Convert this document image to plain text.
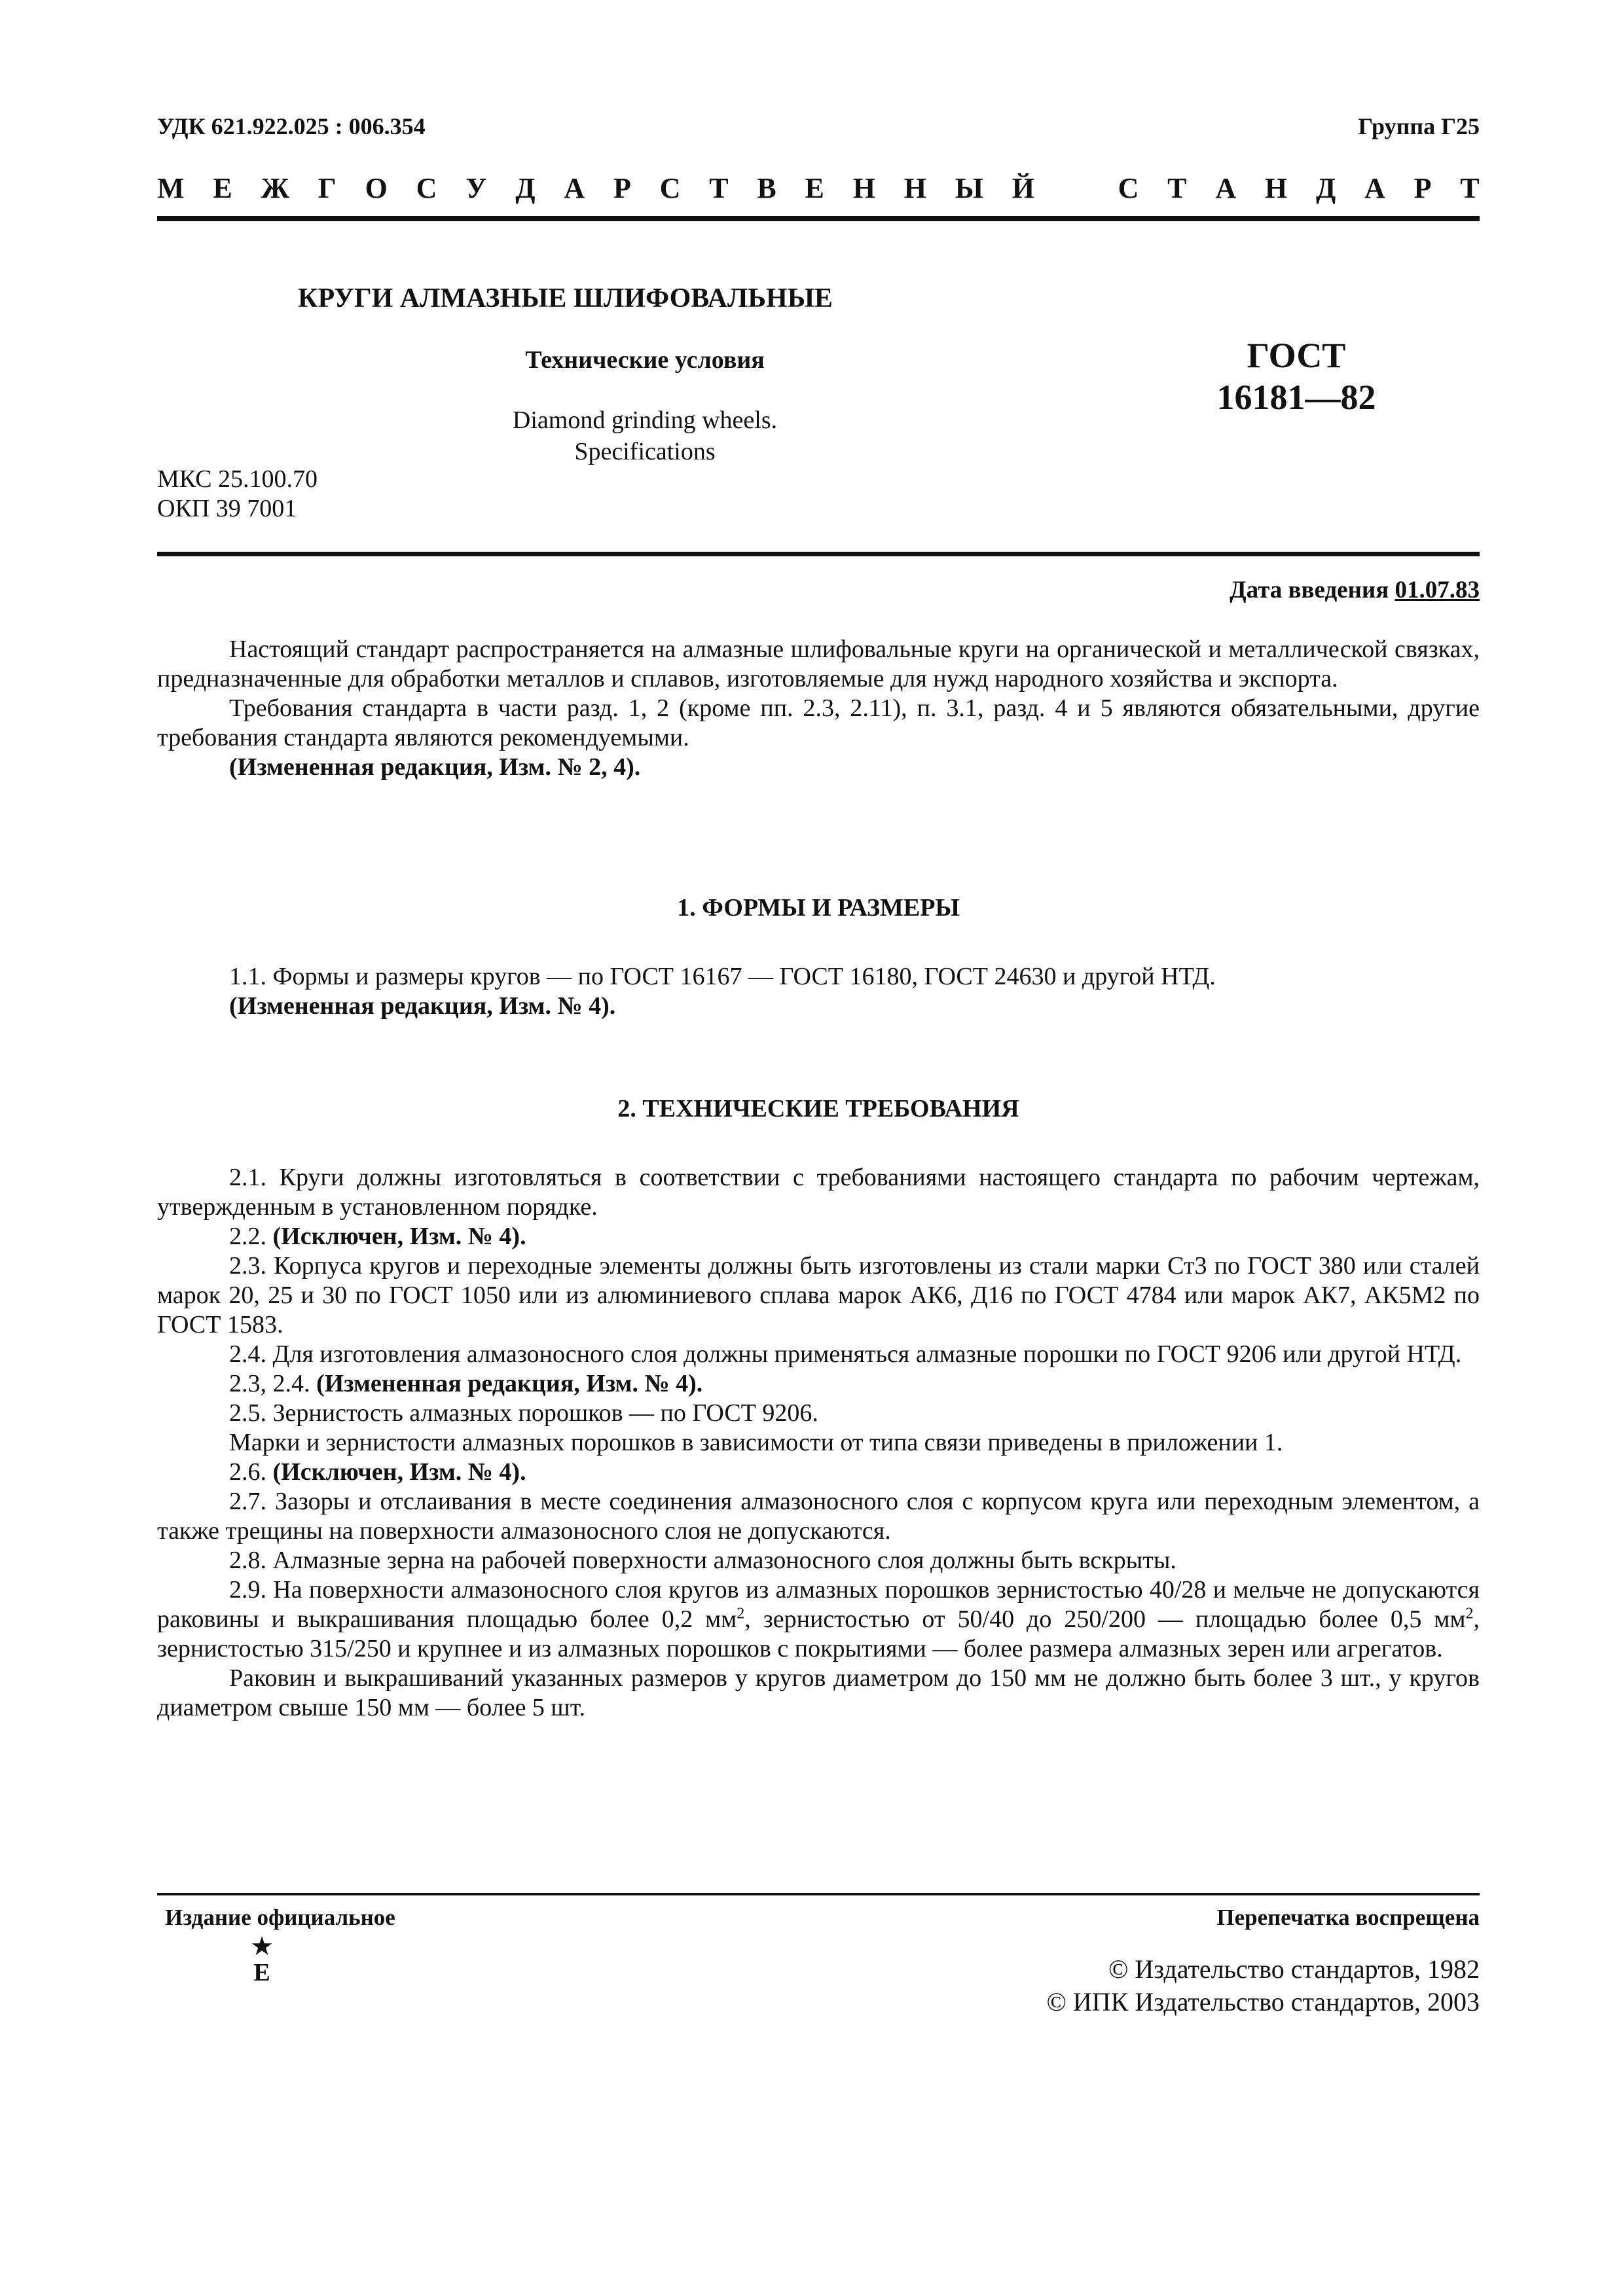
УДК 621.922.025 : 006.354	Группа Г25
М Е Ж Г О С У Д А Р С Т В Е Н Н Ы Й	С Т А Н Д А Р Т
КРУГИ АЛМАЗНЫЕ ШЛИФОВАЛЬНЫЕ
Технические условия
Diamond grinding wheels.
Specifications
ГОСТ
16181—82
МКС 25.100.70
ОКП 39 7001
Дата введения 01.07.83

Настоящий стандарт распространяется на алмазные шлифовальные круги на органической и металлической связках, предназначенные для обработки металлов и сплавов, изготовляемые для нужд народного хозяйства и экспорта.

Требования стандарта в части разд. 1, 2 (кроме пп. 2.3, 2.11), п. 3.1, разд. 4 и 5 являются обязательными, другие требования стандарта являются рекомендуемыми.

(Измененная редакция, Изм. № 2, 4).

1. ФОРМЫ И РАЗМЕРЫ

1.1. Формы и размеры кругов — по ГОСТ 16167 — ГОСТ 16180, ГОСТ 24630 и другой НТД.

(Измененная редакция, Изм. № 4).

2. ТЕХНИЧЕСКИЕ ТРЕБОВАНИЯ

2.1. Круги должны изготовляться в соответствии с требованиями настоящего стандарта по рабочим чертежам, утвержденным в установленном порядке.

2.2. (Исключен, Изм. № 4).

2.3. Корпуса кругов и переходные элементы должны быть изготовлены из стали марки Ст3 по ГОСТ 380 или сталей марок 20, 25 и 30 по ГОСТ 1050 или из алюминиевого сплава марок АК6, Д16 по ГОСТ 4784 или марок АК7, АК5М2 по ГОСТ 1583.

2.4. Для изготовления алмазоносного слоя должны применяться алмазные порошки по ГОСТ 9206 или другой НТД.

2.3, 2.4. (Измененная редакция, Изм. № 4).

2.5. Зернистость алмазных порошков — по ГОСТ 9206.

Марки и зернистости алмазных порошков в зависимости от типа связи приведены в приложении 1.

2.6. (Исключен, Изм. № 4).

2.7. Зазоры и отслаивания в месте соединения алмазоносного слоя с корпусом круга или переходным элементом, а также трещины на поверхности алмазоносного слоя не допускаются.

2.8. Алмазные зерна на рабочей поверхности алмазоносного слоя должны быть вскрыты.

2.9. На поверхности алмазоносного слоя кругов из алмазных порошков зернистостью 40/28 и мельче не допускаются раковины и выкрашивания площадью более 0,2 $мм^2$, зернистостью от 50/40 до 250/200 — площадью более 0,5 $мм^2$, зернистостью 315/250 и крупнее и из алмазных порошков с покрытиями — более размера алмазных зерен или агрегатов.

Раковин и выкрашиваний указанных размеров у кругов диаметром до 150 мм не должно быть более 3 шт., у кругов диаметром свыше 150 мм — более 5 шт.

Издание официальное	Перепечатка воспрещена
★
Е	© Издательство стандартов, 1982
© ИПК Издательство стандартов, 2003
